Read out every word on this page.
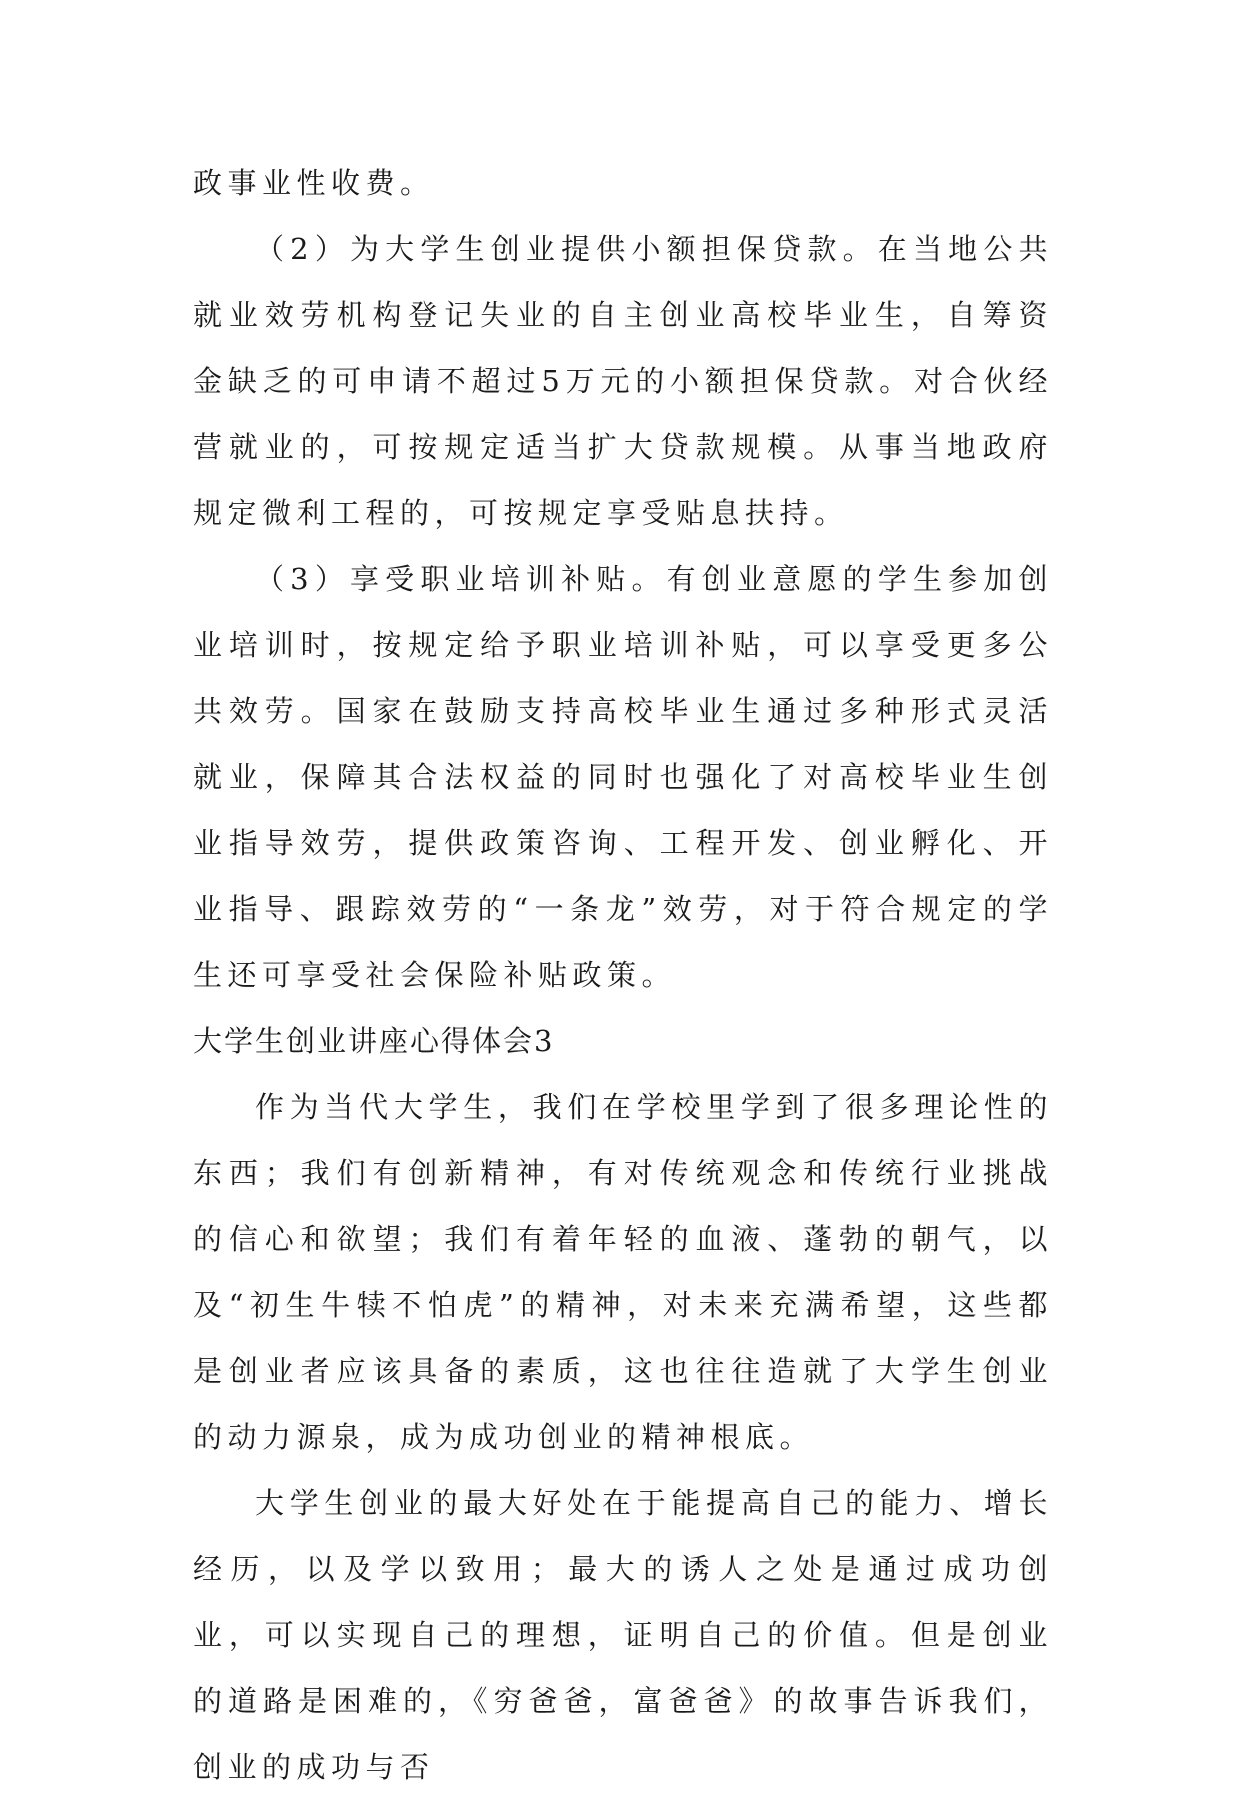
政事业性收费。

（2）为大学生创业提供小额担保贷款。在当地公共就业效劳机构登记失业的自主创业高校毕业生，自筹资金缺乏的可申请不超过5万元的小额担保贷款。对合伙经营就业的，可按规定适当扩大贷款规模。从事当地政府规定微利工程的，可按规定享受贴息扶持。

（3）享受职业培训补贴。有创业意愿的学生参加创业培训时，按规定给予职业培训补贴，可以享受更多公共效劳。国家在鼓励支持高校毕业生通过多种形式灵活就业，保障其合法权益的同时也强化了对高校毕业生创业指导效劳，提供政策咨询、工程开发、创业孵化、开业指导、跟踪效劳的“一条龙”效劳，对于符合规定的学生还可享受社会保险补贴政策。

大学生创业讲座心得体会3

作为当代大学生，我们在学校里学到了很多理论性的东西；我们有创新精神，有对传统观念和传统行业挑战的信心和欲望；我们有着年轻的血液、蓬勃的朝气，以及“初生牛犊不怕虎”的精神，对未来充满希望，这些都是创业者应该具备的素质，这也往往造就了大学生创业的动力源泉，成为成功创业的精神根底。

大学生创业的最大好处在于能提高自己的能力、增长经历，以及学以致用；最大的诱人之处是通过成功创业，可以实现自己的理想，证明自己的价值。但是创业的道路是困难的，《穷爸爸，富爸爸》的故事告诉我们，创业的成功与否
